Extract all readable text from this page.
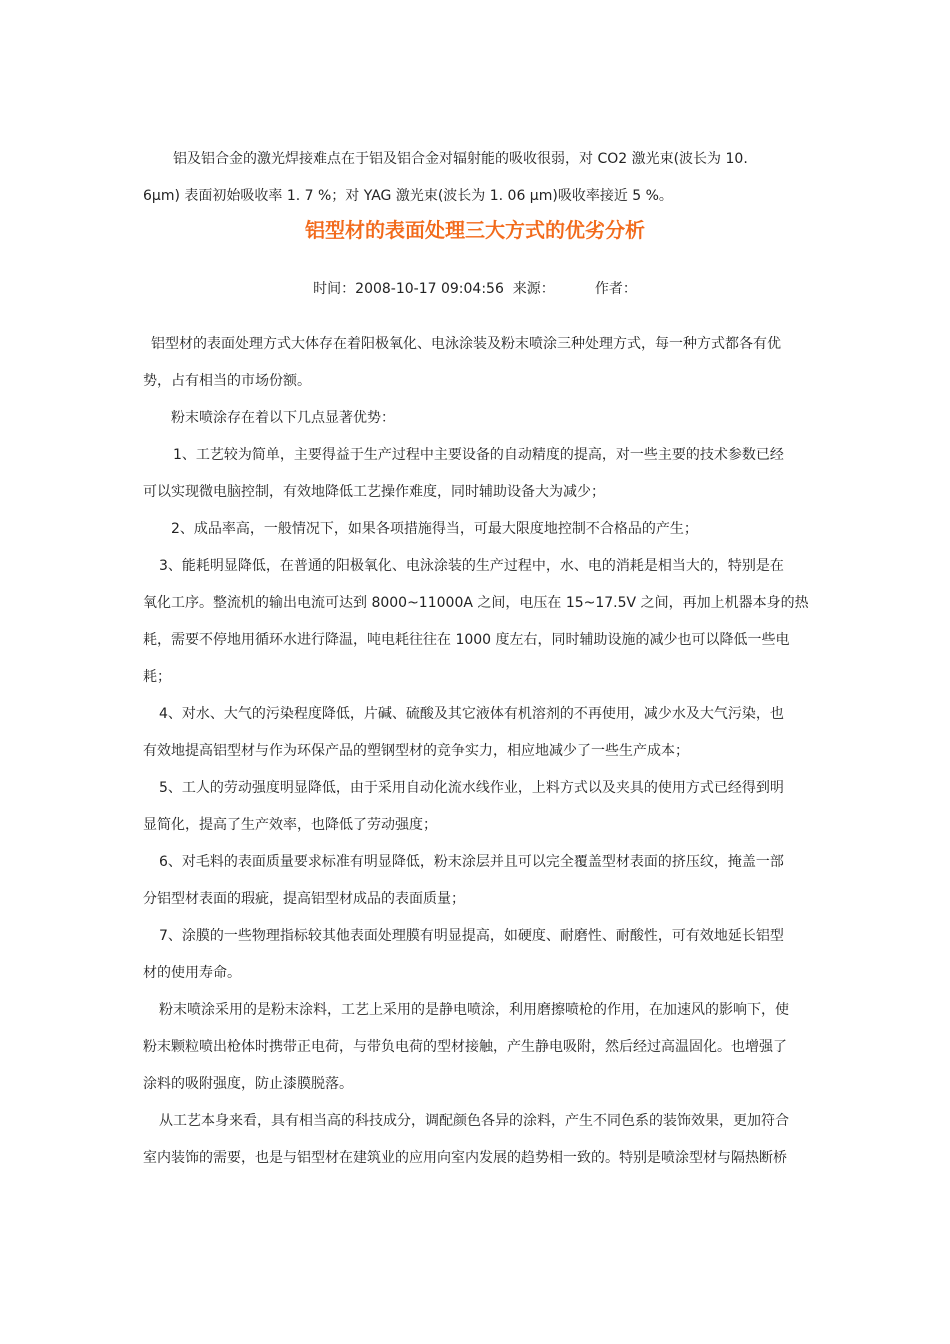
铝及铝合金的激光焊接难点在于铝及铝合金对辐射能的吸收很弱，对 CO2 激光束(波长为 10.
6μm) 表面初始吸收率 1. 7 %；对 YAG 激光束(波长为 1. 06 μm)吸收率接近 5 %。
铝型材的表面处理三大方式的优劣分析
时间：2008-10-17 09:04:56 来源：	作者：
铝型材的表面处理方式大体存在着阳极氧化、电泳涂装及粉末喷涂三种处理方式，每一种方式都各有优
势，占有相当的市场份额。
粉末喷涂存在着以下几点显著优势：
1、工艺较为简单，主要得益于生产过程中主要设备的自动精度的提高，对一些主要的技术参数已经
可以实现微电脑控制，有效地降低工艺操作难度，同时辅助设备大为减少；
2、成品率高，一般情况下，如果各项措施得当，可最大限度地控制不合格品的产生；
3、能耗明显降低，在普通的阳极氧化、电泳涂装的生产过程中，水、电的消耗是相当大的，特别是在
氧化工序。整流机的输出电流可达到 8000~11000A 之间，电压在 15~17.5V 之间，再加上机器本身的热
耗，需要不停地用循环水进行降温，吨电耗往往在 1000 度左右，同时辅助设施的减少也可以降低一些电
耗；
4、对水、大气的污染程度降低，片碱、硫酸及其它液体有机溶剂的不再使用，减少水及大气污染，也
有效地提高铝型材与作为环保产品的塑钢型材的竞争实力，相应地减少了一些生产成本；
5、工人的劳动强度明显降低，由于采用自动化流水线作业，上料方式以及夹具的使用方式已经得到明
显简化，提高了生产效率，也降低了劳动强度；
6、对毛料的表面质量要求标准有明显降低，粉末涂层并且可以完全覆盖型材表面的挤压纹，掩盖一部
分铝型材表面的瑕疵，提高铝型材成品的表面质量；
7、涂膜的一些物理指标较其他表面处理膜有明显提高，如硬度、耐磨性、耐酸性，可有效地延长铝型
材的使用寿命。
粉末喷涂采用的是粉末涂料，工艺上采用的是静电喷涂，利用磨擦喷枪的作用，在加速风的影响下，使
粉末颗粒喷出枪体时携带正电荷，与带负电荷的型材接触，产生静电吸附，然后经过高温固化。也增强了
涂料的吸附强度，防止漆膜脱落。
从工艺本身来看，具有相当高的科技成分，调配颜色各异的涂料，产生不同色系的装饰效果，更加符合
室内装饰的需要，也是与铝型材在建筑业的应用向室内发展的趋势相一致的。特别是喷涂型材与隔热断桥
